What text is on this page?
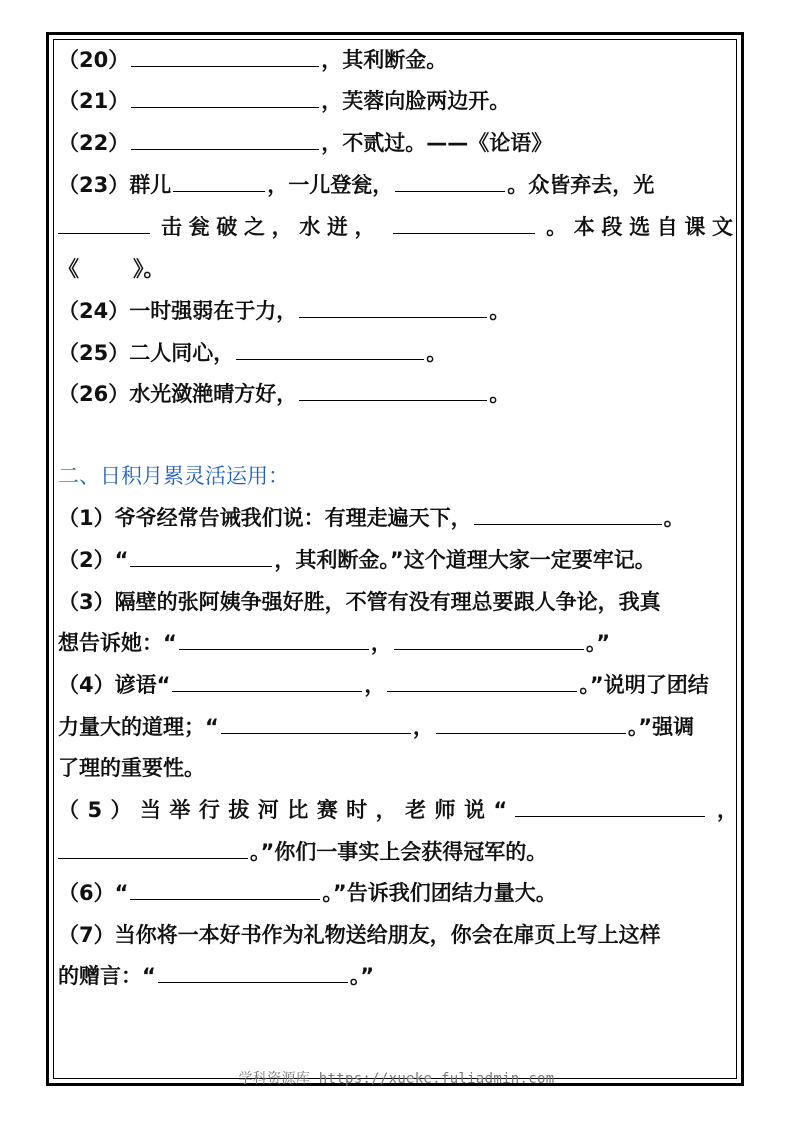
（20）	，其利断金。
（21）	，芙蓉向脸两边开。
（22）	，不贰过。——《论语》
（23）群儿	，一儿登瓮，	。众皆弃去，光
击瓮破之，水迸，	。本段选自课文
《	》。
（24）一时强弱在于力，	。
（25）二人同心，	。
（26）水光潋滟晴方好，	。
二、日积月累灵活运用：
（1）爷爷经常告诫我们说：有理走遍天下，	。
（2）“	，其利断金。”这个道理大家一定要牢记。
（3）隔壁的张阿姨争强好胜，不管有没有理总要跟人争论，我真
想告诉她：“	，	。”
（4）谚语“	，	。”说明了团结
力量大的道理；“	，	。”强调
了理的重要性。
（5）当举行拔河比赛时，老师说“	，
。”你们一事实上会获得冠军的。
（6）“	。”告诉我们团结力量大。
（7）当你将一本好书作为礼物送给朋友，你会在扉页上写上这样
的赠言：“	。”
学科资源库 https://xueke.fuliadmin.com
